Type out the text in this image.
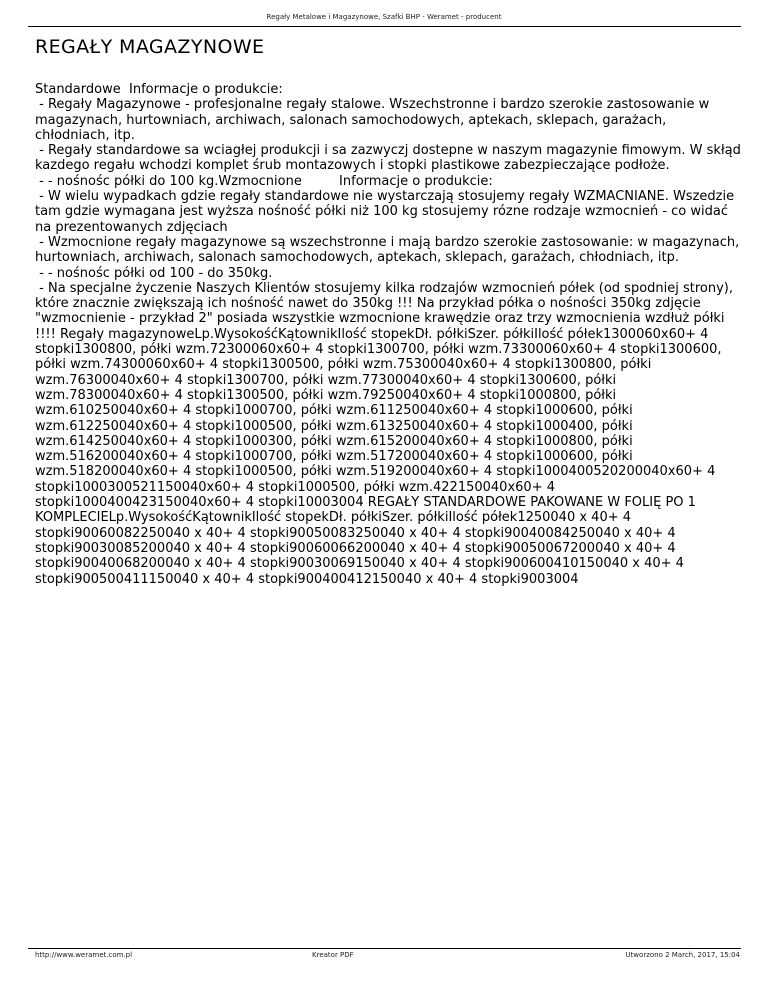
Regały Metalowe i Magazynowe, Szafki BHP - Weramet - producent
REGAŁY MAGAZYNOWE
Standardowe  Informacje o produkcie:
- Regały Magazynowe - profesjonalne regały stalowe. Wszechstronne i bardzo szerokie zastosowanie w magazynach, hurtowniach, archiwach, salonach samochodowych, aptekach, sklepach, garażach, chłodniach, itp.
- Regały standardowe sa wciagłej produkcji i sa zazwyczj dostepne w naszym magazynie fimowym. W skłąd kazdego regału wchodzi komplet śrub montazowych i stopki plastikowe zabezpieczające podłoże.
- - nośnośc półki do 100 kg.Wzmocnione         Informacje o produkcie:
- W wielu wypadkach gdzie regały standardowe nie wystarczają stosujemy regały WZMACNIANE. Wszedzie tam gdzie wymagana jest wyższa nośność półki niż 100 kg stosujemy rózne rodzaje wzmocnień - co widać na prezentowanych zdjęciach
- Wzmocnione regały magazynowe są wszechstronne i mają bardzo szerokie zastosowanie: w magazynach, hurtowniach, archiwach, salonach samochodowych, aptekach, sklepach, garażach, chłodniach, itp.
- - nośnośc półki od 100 - do 350kg.
- Na specjalne życzenie Naszych Klientów stosujemy kilka rodzajów wzmocnień półek (od spodniej strony), które znacznie zwiększają ich nośność nawet do 350kg !!! Na przykład półka o nośności 350kg zdjęcie "wzmocnienie - przykład 2" posiada wszystkie wzmocnione krawędzie oraz trzy wzmocnienia wzdłuż półki !!!! Regały magazynoweLp.WysokośćKątownikIlość stopekDł. półkiSzer. półkiIlość półek1300060x60+ 4 stopki1300800, półki wzm.72300060x60+ 4 stopki1300700, półki wzm.73300060x60+ 4 stopki1300600, półki wzm.74300060x60+ 4 stopki1300500, półki wzm.75300040x60+ 4 stopki1300800, półki wzm.76300040x60+ 4 stopki1300700, półki wzm.77300040x60+ 4 stopki1300600, półki wzm.78300040x60+ 4 stopki1300500, półki wzm.79250040x60+ 4 stopki1000800, półki wzm.610250040x60+ 4 stopki1000700, półki wzm.611250040x60+ 4 stopki1000600, półki wzm.612250040x60+ 4 stopki1000500, półki wzm.613250040x60+ 4 stopki1000400, półki wzm.614250040x60+ 4 stopki1000300, półki wzm.615200040x60+ 4 stopki1000800, półki wzm.516200040x60+ 4 stopki1000700, półki wzm.517200040x60+ 4 stopki1000600, półki wzm.518200040x60+ 4 stopki1000500, półki wzm.519200040x60+ 4 stopki1000400520200040x60+ 4 stopki1000300521150040x60+ 4 stopki1000500, półki wzm.422150040x60+ 4 stopki1000400423150040x60+ 4 stopki10003004 REGAŁY STANDARDOWE PAKOWANE W FOLIĘ PO 1 KOMPLECIELp.WysokośćKątownikIlość stopekDł. półkiSzer. półkiIlość półek1250040 x 40+ 4 stopki90060082250040 x 40+ 4 stopki90050083250040 x 40+ 4 stopki90040084250040 x 40+ 4 stopki90030085200040 x 40+ 4 stopki90060066200040 x 40+ 4 stopki90050067200040 x 40+ 4 stopki90040068200040 x 40+ 4 stopki90030069150040 x 40+ 4 stopki900600410150040 x 40+ 4 stopki900500411150040 x 40+ 4 stopki900400412150040 x 40+ 4 stopki9003004
http://www.weramet.com.pl	Kreator PDF	Utworzono 2 March, 2017, 15:04
